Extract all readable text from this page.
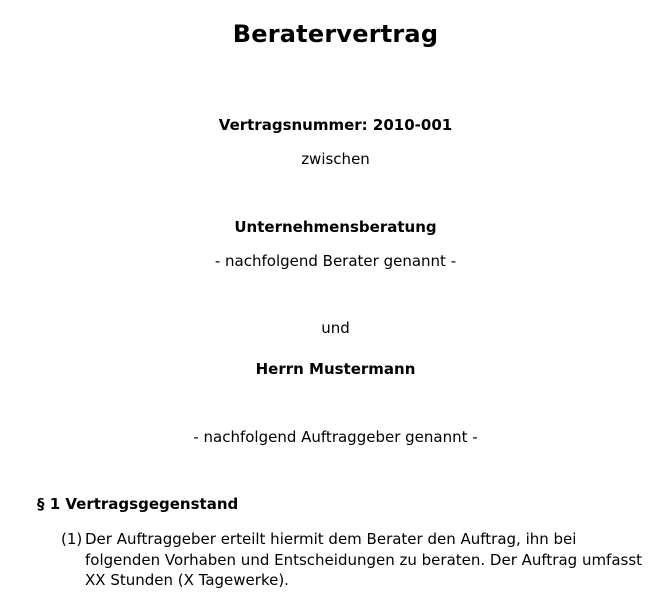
Beratervertrag
Vertragsnummer: 2010-001
zwischen
Unternehmensberatung
- nachfolgend Berater genannt -
und
Herrn Mustermann
- nachfolgend Auftraggeber genannt -
§ 1 Vertragsgegenstand
(1) Der Auftraggeber erteilt hiermit dem Berater den Auftrag, ihn bei
folgenden Vorhaben und Entscheidungen zu beraten. Der Auftrag umfasst
XX Stunden (X Tagewerke).
